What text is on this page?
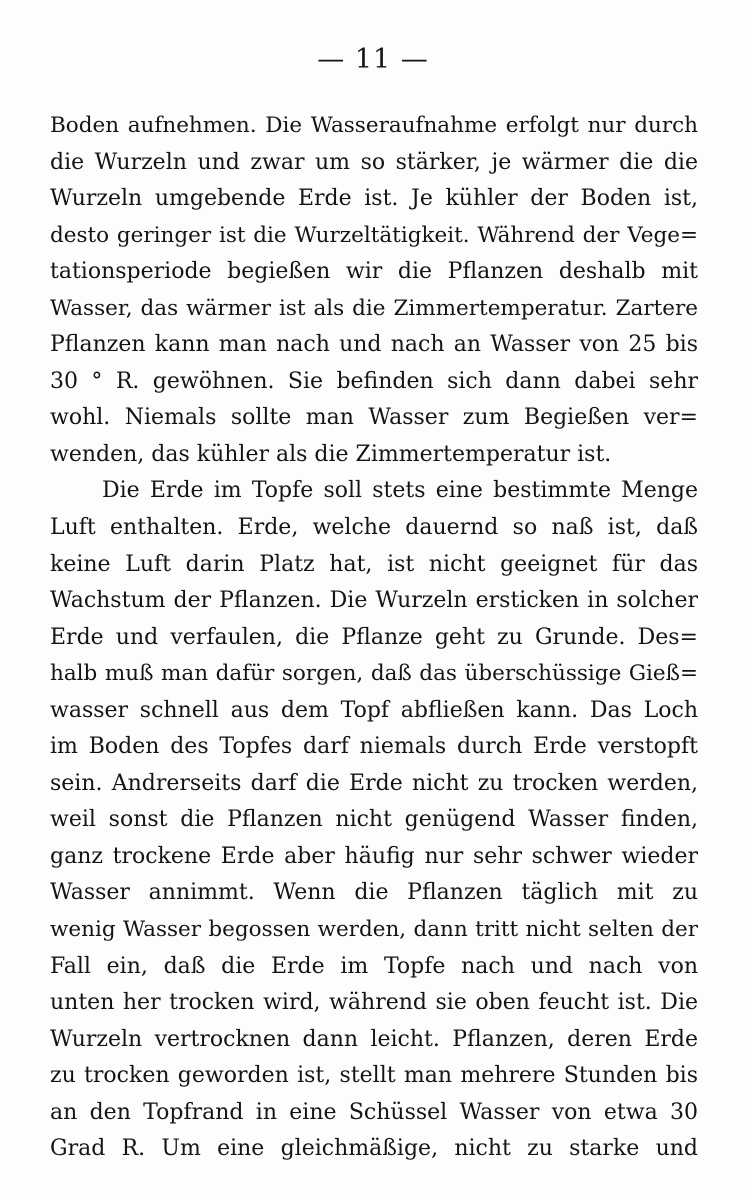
— 11 —
Boden aufnehmen. Die Wasseraufnahme erfolgt nur durch
die Wurzeln und zwar um so stärker, je wärmer die die
Wurzeln umgebende Erde ist. Je kühler der Boden ist,
desto geringer ist die Wurzeltätigkeit. Während der Vege=
tationsperiode begießen wir die Pflanzen deshalb mit
Wasser, das wärmer ist als die Zimmertemperatur. Zartere
Pflanzen kann man nach und nach an Wasser von 25 bis
30 ° R. gewöhnen. Sie befinden sich dann dabei sehr
wohl. Niemals sollte man Wasser zum Begießen ver=
wenden, das kühler als die Zimmertemperatur ist.
Die Erde im Topfe soll stets eine bestimmte Menge
Luft enthalten. Erde, welche dauernd so naß ist, daß
keine Luft darin Platz hat, ist nicht geeignet für das
Wachstum der Pflanzen. Die Wurzeln ersticken in solcher
Erde und verfaulen, die Pflanze geht zu Grunde. Des=
halb muß man dafür sorgen, daß das überschüssige Gieß=
wasser schnell aus dem Topf abfließen kann. Das Loch
im Boden des Topfes darf niemals durch Erde verstopft
sein. Andrerseits darf die Erde nicht zu trocken werden,
weil sonst die Pflanzen nicht genügend Wasser finden,
ganz trockene Erde aber häufig nur sehr schwer wieder
Wasser annimmt. Wenn die Pflanzen täglich mit zu
wenig Wasser begossen werden, dann tritt nicht selten der
Fall ein, daß die Erde im Topfe nach und nach von
unten her trocken wird, während sie oben feucht ist. Die
Wurzeln vertrocknen dann leicht. Pflanzen, deren Erde
zu trocken geworden ist, stellt man mehrere Stunden bis
an den Topfrand in eine Schüssel Wasser von etwa 30
Grad R. Um eine gleichmäßige, nicht zu starke und
